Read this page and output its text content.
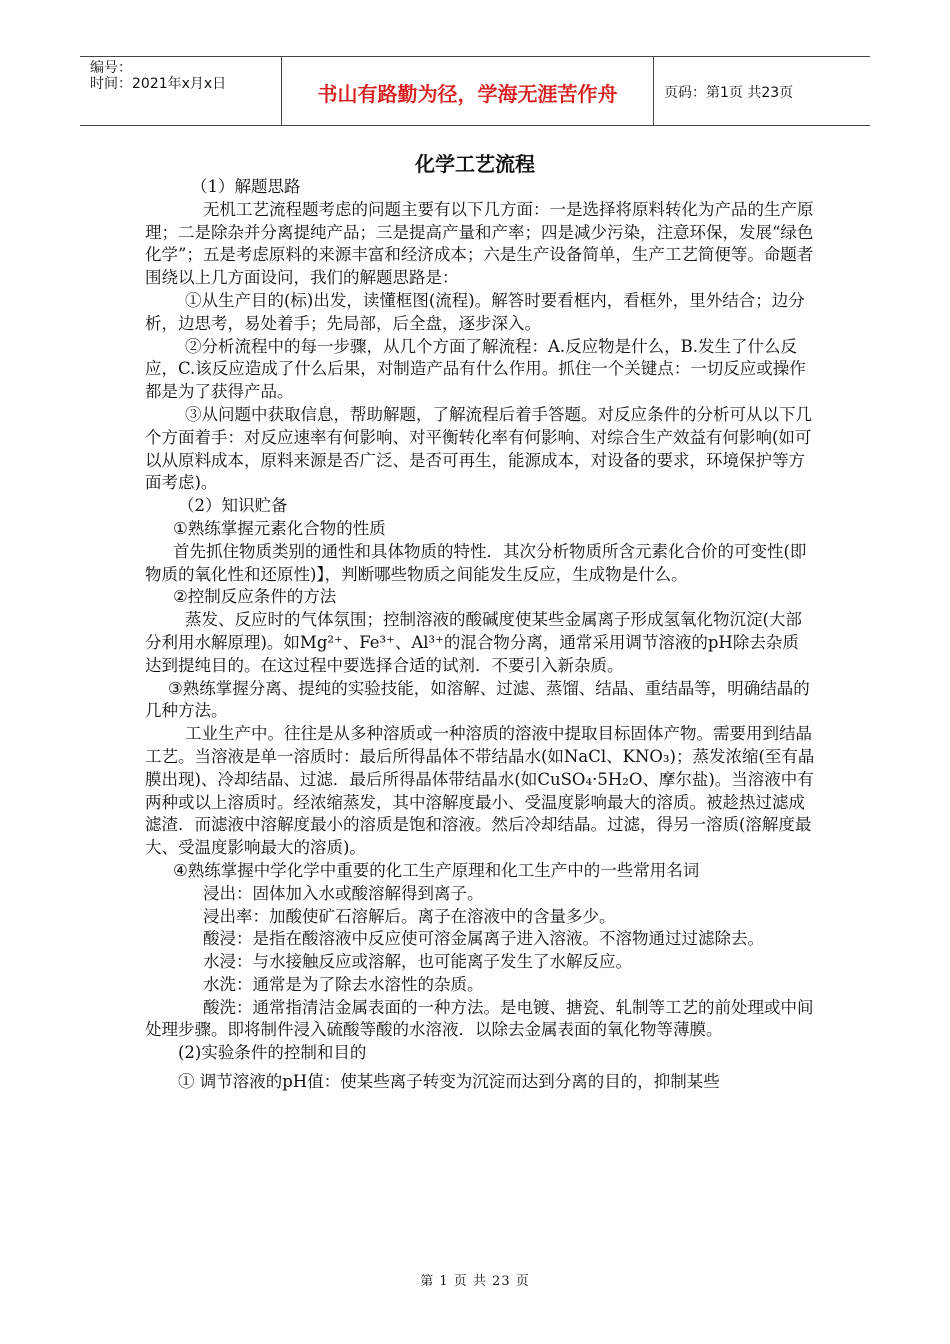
编号：
时间：2021年x月x日	书山有路勤为径，学海无涯苦作舟	页码：第1页 共23页
化学工艺流程

（1）解题思路

无机工艺流程题考虑的问题主要有以下几方面：一是选择将原料转化为产品的生产原理；二是除杂并分离提纯产品；三是提高产量和产率；四是减少污染，注意环保，发展“绿色化学”；五是考虑原料的来源丰富和经济成本；六是生产设备简单，生产工艺简便等。命题者围绕以上几方面设问，我们的解题思路是：

①从生产目的(标)出发，读懂框图(流程)。解答时要看框内，看框外，里外结合；边分析，边思考，易处着手；先局部，后全盘，逐步深入。

②分析流程中的每一步骤，从几个方面了解流程：A.反应物是什么，B.发生了什么反应，C.该反应造成了什么后果，对制造产品有什么作用。抓住一个关键点：一切反应或操作都是为了获得产品。

③从问题中获取信息，帮助解题，了解流程后着手答题。对反应条件的分析可从以下几个方面着手：对反应速率有何影响、对平衡转化率有何影响、对综合生产效益有何影响(如可以从原料成本，原料来源是否广泛、是否可再生，能源成本，对设备的要求，环境保护等方面考虑)。

（2）知识贮备

①熟练掌握元素化合物的性质

首先抓住物质类别的通性和具体物质的特性．其次分析物质所含元素化合价的可变性(即物质的氧化性和还原性)】，判断哪些物质之间能发生反应，生成物是什么。

②控制反应条件的方法

蒸发、反应时的气体氛围；控制溶液的酸碱度使某些金属离子形成氢氧化物沉淀(大部分利用水解原理)。如Mg²⁺、Fe³⁺、Al³⁺的混合物分离，通常采用调节溶液的pH除去杂质达到提纯目的。在这过程中要选择合适的试剂．不要引入新杂质。

③熟练掌握分离、提纯的实验技能，如溶解、过滤、蒸馏、结晶、重结晶等，明确结晶的几种方法。

工业生产中。往往是从多种溶质或一种溶质的溶液中提取目标固体产物。需要用到结晶工艺。当溶液是单一溶质时：最后所得晶体不带结晶水(如NaCl、KNO₃)；蒸发浓缩(至有晶膜出现)、冷却结晶、过滤．最后所得晶体带结晶水(如CuSO₄·5H₂O、摩尔盐)。当溶液中有两种或以上溶质时。经浓缩蒸发，其中溶解度最小、受温度影响最大的溶质。被趁热过滤成滤渣．而滤液中溶解度最小的溶质是饱和溶液。然后冷却结晶。过滤，得另一溶质(溶解度最大、受温度影响最大的溶质)。

④熟练掌握中学化学中重要的化工生产原理和化工生产中的一些常用名词

浸出：固体加入水或酸溶解得到离子。

浸出率：加酸使矿石溶解后。离子在溶液中的含量多少。

酸浸：是指在酸溶液中反应使可溶金属离子进入溶液。不溶物通过过滤除去。

水浸：与水接触反应或溶解，也可能离子发生了水解反应。

水洗：通常是为了除去水溶性的杂质。

酸洗：通常指清洁金属表面的一种方法。是电镀、搪瓷、轧制等工艺的前处理或中间处理步骤。即将制件浸入硫酸等酸的水溶液．以除去金属表面的氧化物等薄膜。

(2)实验条件的控制和目的

① 调节溶液的pH值：使某些离子转变为沉淀而达到分离的目的，抑制某些

第 1 页 共 23 页
